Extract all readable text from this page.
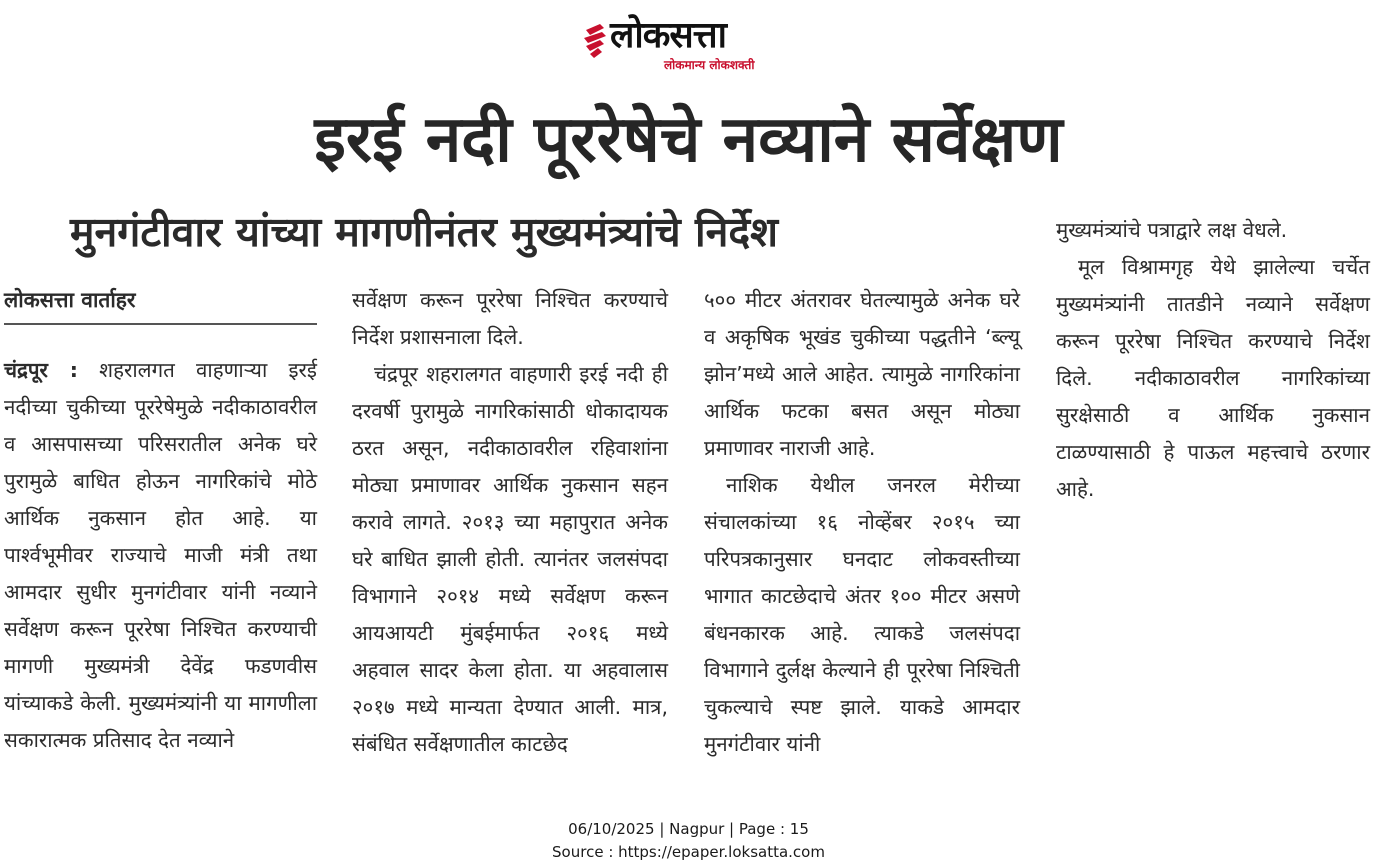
लोकसत्ता
लोकमान्य लोकशक्ती
इरई नदी पूररेषेचे नव्याने सर्वेक्षण
मुनगंटीवार यांच्या मागणीनंतर मुख्यमंत्र्यांचे निर्देश
लोकसत्ता वार्ताहर

चंद्रपूर : शहरालगत वाहणाऱ्या इरई नदीच्या चुकीच्या पूररेषेमुळे नदीकाठावरील व आसपासच्या परिसरातील अनेक घरे पुरामुळे बाधित होऊन नागरिकांचे मोठे आर्थिक नुकसान होत आहे. या पार्श्वभूमीवर राज्याचे माजी मंत्री तथा आमदार सुधीर मुनगंटीवार यांनी नव्याने सर्वेक्षण करून पूररेषा निश्चित करण्याची मागणी मुख्यमंत्री देवेंद्र फडणवीस यांच्याकडे केली. मुख्यमंत्र्यांनी या मागणीला सकारात्मक प्रतिसाद देत नव्याने

सर्वेक्षण करून पूररेषा निश्चित करण्याचे निर्देश प्रशासनाला दिले.

चंद्रपूर शहरालगत वाहणारी इरई नदी ही दरवर्षी पुरामुळे नागरिकांसाठी धोकादायक ठरत असून, नदीकाठावरील रहिवाशांना मोठ्या प्रमाणावर आर्थिक नुकसान सहन करावे लागते. २०१३ च्या महापुरात अनेक घरे बाधित झाली होती. त्यानंतर जलसंपदा विभागाने २०१४ मध्ये सर्वेक्षण करून आयआयटी मुंबईमार्फत २०१६ मध्ये अहवाल सादर केला होता. या अहवालास २०१७ मध्ये मान्यता देण्यात आली. मात्र, संबंधित सर्वेक्षणातील काटछेद

५०० मीटर अंतरावर घेतल्यामुळे अनेक घरे व अकृषिक भूखंड चुकीच्या पद्धतीने ‘ब्ल्यू झोन’मध्ये आले आहेत. त्यामुळे नागरिकांना आर्थिक फटका बसत असून मोठ्या प्रमाणावर नाराजी आहे.

नाशिक येथील जनरल मेरीच्या संचालकांच्या १६ नोव्हेंबर २०१५ च्या परिपत्रकानुसार घनदाट लोकवस्तीच्या भागात काटछेदाचे अंतर १०० मीटर असणे बंधनकारक आहे. त्याकडे जलसंपदा विभागाने दुर्लक्ष केल्याने ही पूररेषा निश्चिती चुकल्याचे स्पष्ट झाले. याकडे आमदार मुनगंटीवार यांनी

मुख्यमंत्र्यांचे पत्राद्वारे लक्ष वेधले.

मूल विश्रामगृह येथे झालेल्या चर्चेत मुख्यमंत्र्यांनी तातडीने नव्याने सर्वेक्षण करून पूररेषा निश्चित करण्याचे निर्देश दिले. नदीकाठावरील नागरिकांच्या सुरक्षेसाठी व आर्थिक नुकसान टाळण्यासाठी हे पाऊल महत्त्वाचे ठरणार आहे.

06/10/2025 | Nagpur | Page : 15
Source : https://epaper.loksatta.com
